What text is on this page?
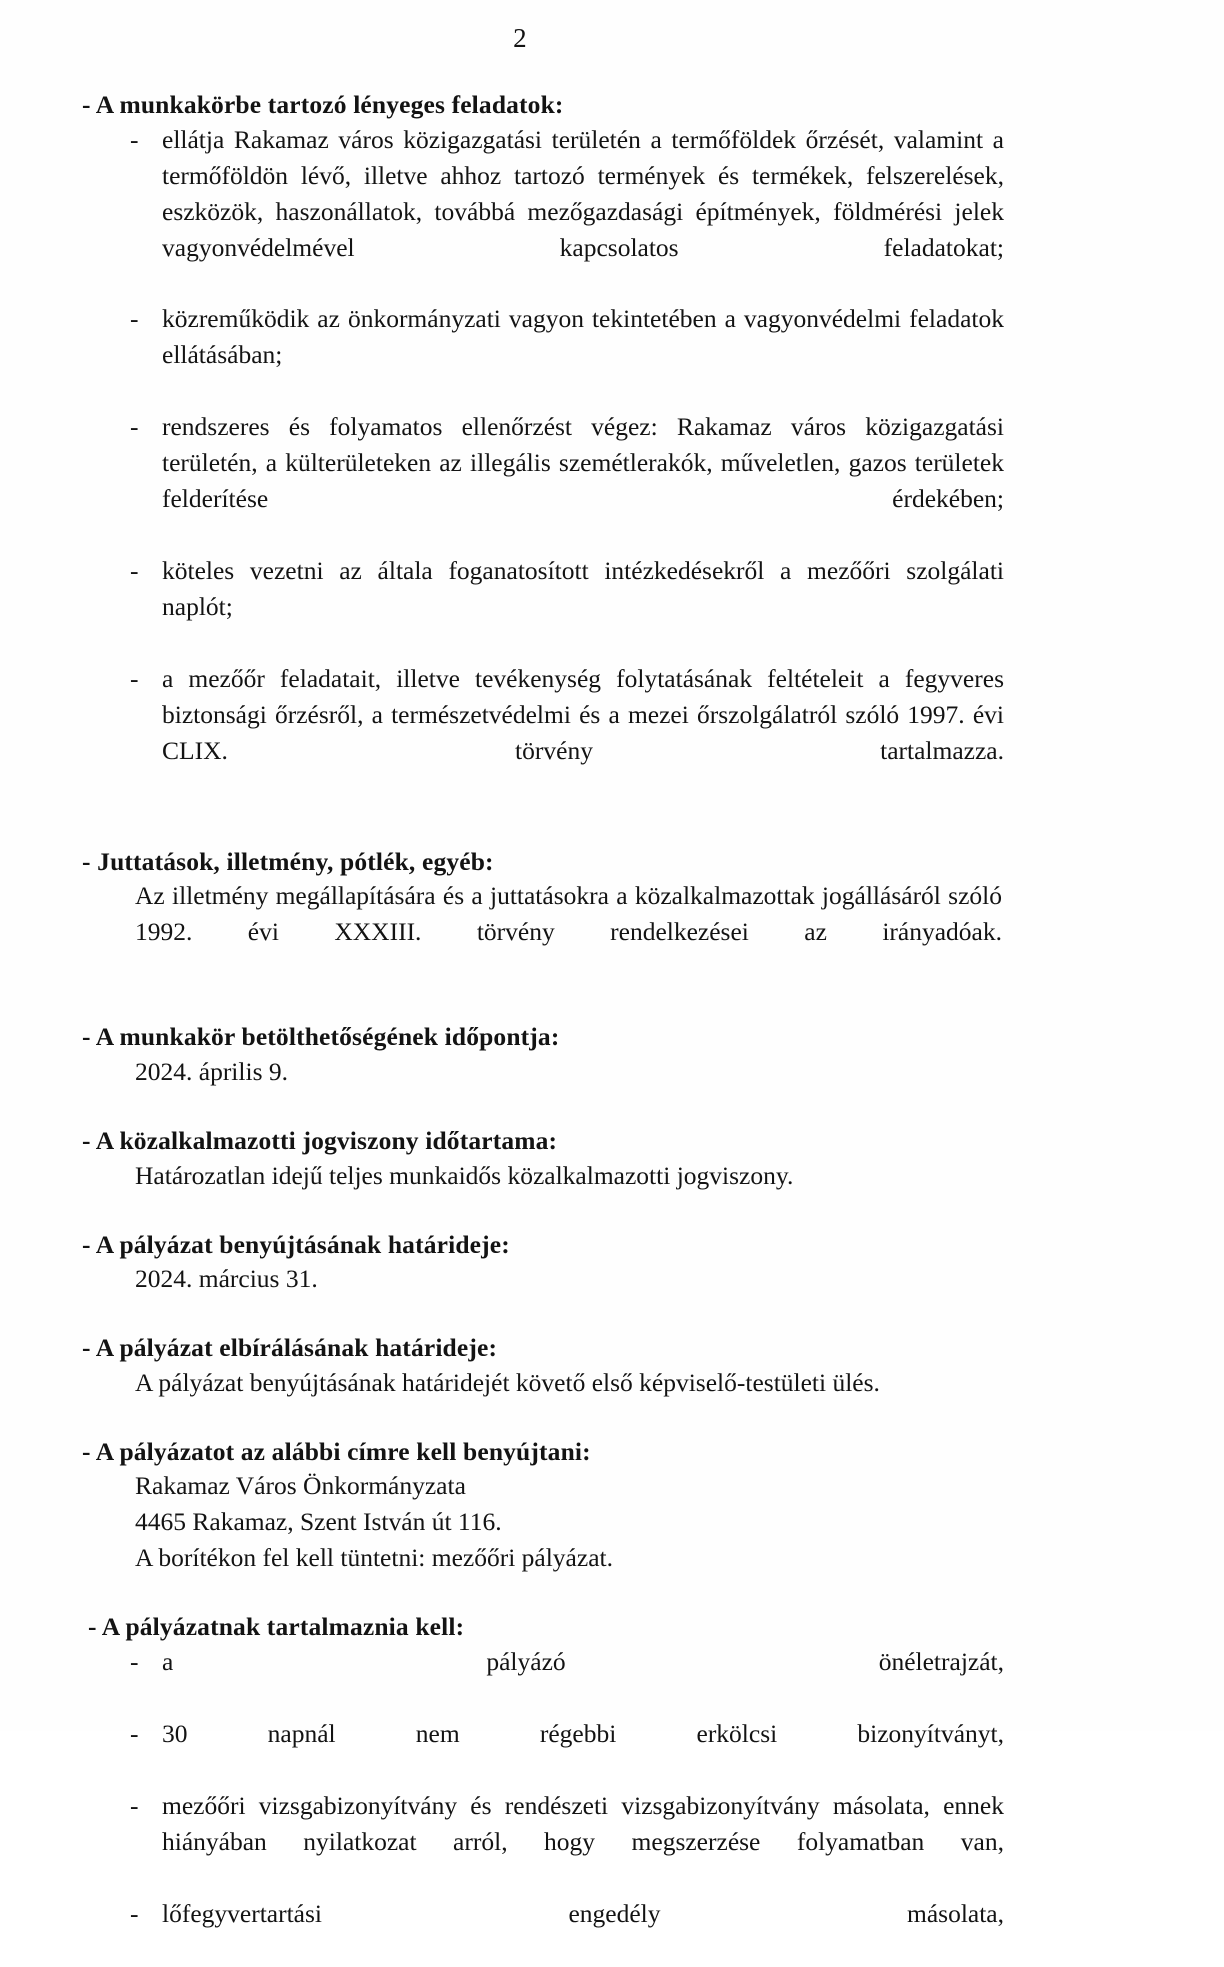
2
- A munkakörbe tartozó lényeges feladatok:
- ellátja Rakamaz város közigazgatási területén a termőföldek őrzését, valamint a termőföldön lévő, illetve ahhoz tartozó termények és termékek, felszerelések, eszközök, haszonállatok, továbbá mezőgazdasági építmények, földmérési jelek vagyonvédelmével kapcsolatos feladatokat;
- közreműködik az önkormányzati vagyon tekintetében a vagyonvédelmi feladatok ellátásában;
- rendszeres és folyamatos ellenőrzést végez: Rakamaz város közigazgatási területén, a külterületeken az illegális szemétlerakók, műveletlen, gazos területek felderítése érdekében;
- köteles vezetni az általa foganatosított intézkedésekről a mezőőri szolgálati naplót;
- a mezőőr feladatait, illetve tevékenység folytatásának feltételeit a fegyveres biztonsági őrzésről, a természetvédelmi és a mezei őrszolgálatról szóló 1997. évi CLIX. törvény tartalmazza.
- Juttatások, illetmény, pótlék, egyéb:
Az illetmény megállapítására és a juttatásokra a közalkalmazottak jogállásáról szóló 1992. évi XXXIII. törvény rendelkezései az irányadóak.
- A munkakör betölthetőségének időpontja:
2024. április 9.
- A közalkalmazotti jogviszony időtartama:
Határozatlan idejű teljes munkaidős közalkalmazotti jogviszony.
- A pályázat benyújtásának határideje:
2024. március 31.
- A pályázat elbírálásának határideje:
A pályázat benyújtásának határidejét követő első képviselő-testületi ülés.
- A pályázatot az alábbi címre kell benyújtani:
Rakamaz Város Önkormányzata
4465 Rakamaz, Szent István út 116.
A borítékon fel kell tüntetni: mezőőri pályázat.
- A pályázatnak tartalmaznia kell:
- a pályázó önéletrajzát,
- 30 napnál nem régebbi erkölcsi bizonyítványt,
- mezőőri vizsgabizonyítvány és rendészeti vizsgabizonyítvány másolata, ennek hiányában nyilatkozat arról, hogy megszerzése folyamatban van,
- lőfegyvertartási engedély másolata,
